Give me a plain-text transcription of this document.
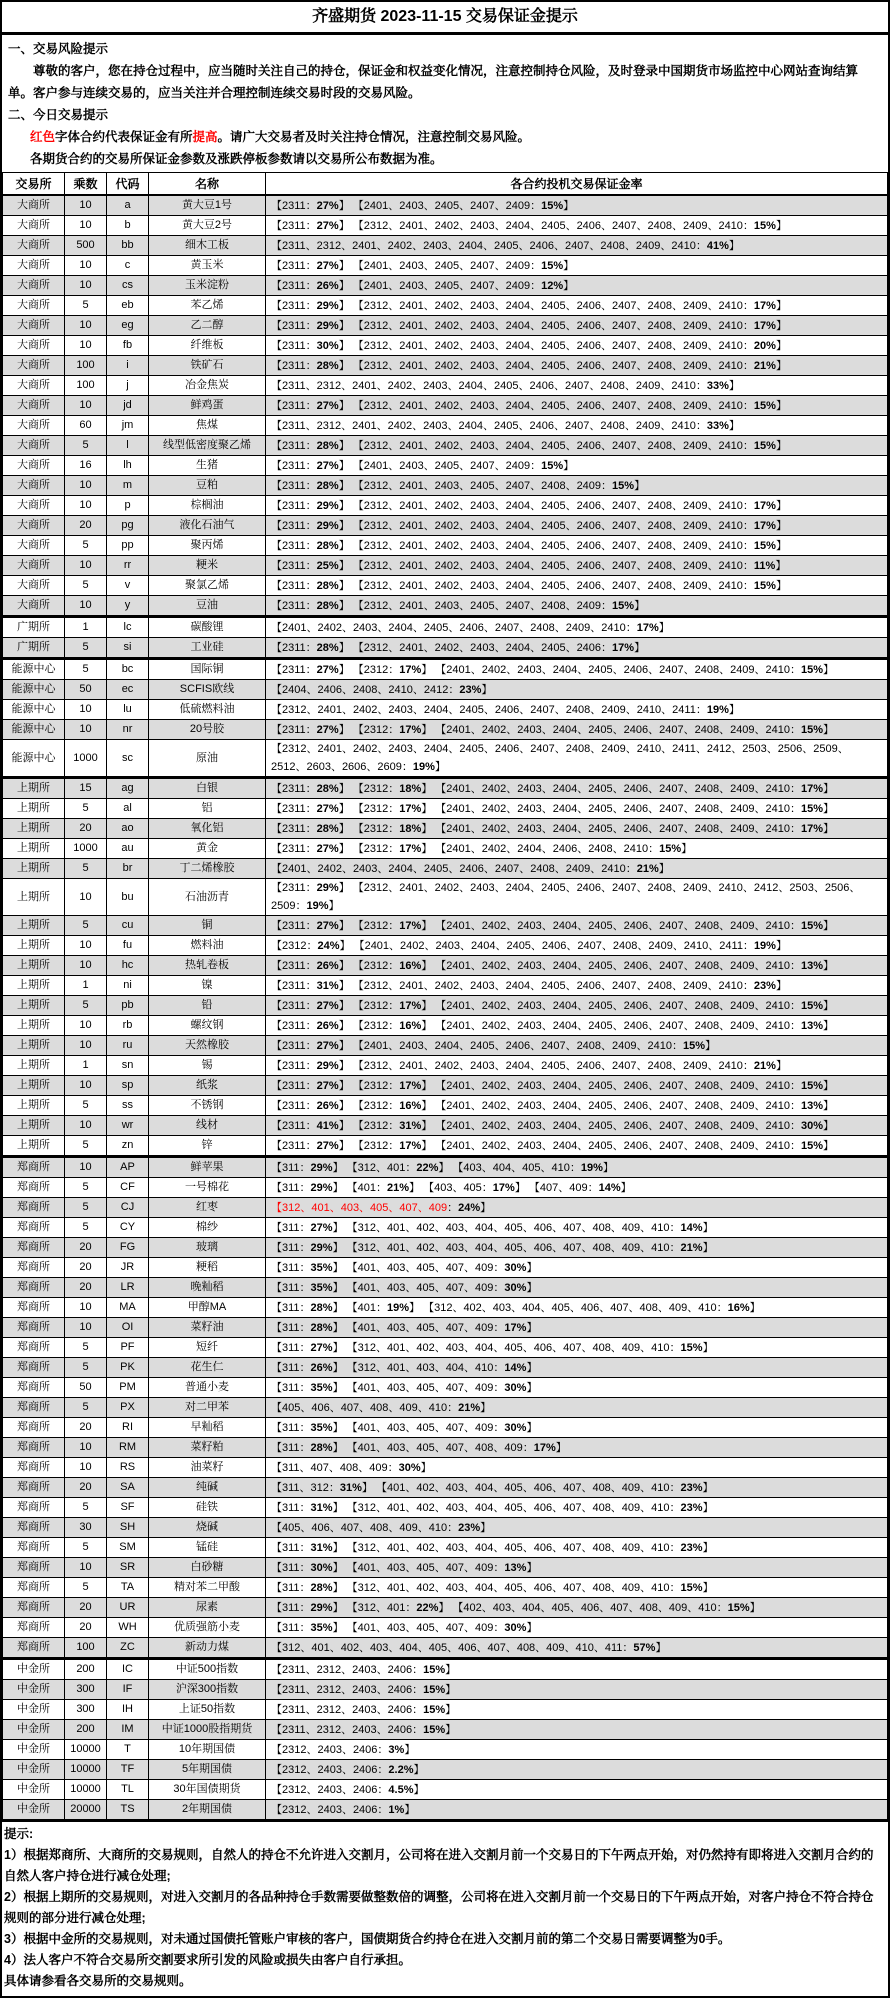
齐盛期货 2023-11-15 交易保证金提示

一、交易风险提示

尊敬的客户，您在持仓过程中，应当随时关注自己的持仓，保证金和权益变化情况，注意控制持仓风险，及时登录中国期货市场监控中心网站查询结算单。客户参与连续交易的，应当关注并合理控制连续交易时段的交易风险。

二、今日交易提示

红色字体合约代表保证金有所提高。请广大交易者及时关注持仓情况，注意控制交易风险。

各期货合约的交易所保证金参数及涨跌停板参数请以交易所公布数据为准。

交易所	乘数	代码	名称	各合约投机交易保证金率
大商所	10	a	黄大豆1号	【2311：27%】 【2401、2403、2405、2407、2409：15%】
大商所	10	b	黄大豆2号	【2311：27%】 【2312、2401、2402、2403、2404、2405、2406、2407、2408、2409、2410：15%】
大商所	500	bb	细木工板	【2311、2312、2401、2402、2403、2404、2405、2406、2407、2408、2409、2410：41%】
大商所	10	c	黄玉米	【2311：27%】 【2401、2403、2405、2407、2409：15%】
大商所	10	cs	玉米淀粉	【2311：26%】 【2401、2403、2405、2407、2409：12%】
大商所	5	eb	苯乙烯	【2311：29%】 【2312、2401、2402、2403、2404、2405、2406、2407、2408、2409、2410：17%】
大商所	10	eg	乙二醇	【2311：29%】 【2312、2401、2402、2403、2404、2405、2406、2407、2408、2409、2410：17%】
大商所	10	fb	纤维板	【2311：30%】 【2312、2401、2402、2403、2404、2405、2406、2407、2408、2409、2410：20%】
大商所	100	i	铁矿石	【2311：28%】 【2312、2401、2402、2403、2404、2405、2406、2407、2408、2409、2410：21%】
大商所	100	j	冶金焦炭	【2311、2312、2401、2402、2403、2404、2405、2406、2407、2408、2409、2410：33%】
大商所	10	jd	鲜鸡蛋	【2311：27%】 【2312、2401、2402、2403、2404、2405、2406、2407、2408、2409、2410：15%】
大商所	60	jm	焦煤	【2311、2312、2401、2402、2403、2404、2405、2406、2407、2408、2409、2410：33%】
大商所	5	l	线型低密度聚乙烯	【2311：28%】 【2312、2401、2402、2403、2404、2405、2406、2407、2408、2409、2410：15%】
大商所	16	lh	生猪	【2311：27%】 【2401、2403、2405、2407、2409：15%】
大商所	10	m	豆粕	【2311：28%】 【2312、2401、2403、2405、2407、2408、2409：15%】
大商所	10	p	棕榈油	【2311：29%】 【2312、2401、2402、2403、2404、2405、2406、2407、2408、2409、2410：17%】
大商所	20	pg	液化石油气	【2311：29%】 【2312、2401、2402、2403、2404、2405、2406、2407、2408、2409、2410：17%】
大商所	5	pp	聚丙烯	【2311：28%】 【2312、2401、2402、2403、2404、2405、2406、2407、2408、2409、2410：15%】
大商所	10	rr	粳米	【2311：25%】 【2312、2401、2402、2403、2404、2405、2406、2407、2408、2409、2410：11%】
大商所	5	v	聚氯乙烯	【2311：28%】 【2312、2401、2402、2403、2404、2405、2406、2407、2408、2409、2410：15%】
大商所	10	y	豆油	【2311：28%】 【2312、2401、2403、2405、2407、2408、2409：15%】
广期所	1	lc	碳酸锂	【2401、2402、2403、2404、2405、2406、2407、2408、2409、2410：17%】
广期所	5	si	工业硅	【2311：28%】 【2312、2401、2402、2403、2404、2405、2406：17%】
能源中心	5	bc	国际铜	【2311：27%】 【2312：17%】 【2401、2402、2403、2404、2405、2406、2407、2408、2409、2410：15%】
能源中心	50	ec	SCFIS欧线	【2404、2406、2408、2410、2412：23%】
能源中心	10	lu	低硫燃料油	【2312、2401、2402、2403、2404、2405、2406、2407、2408、2409、2410、2411：19%】
能源中心	10	nr	20号胶	【2311：27%】 【2312：17%】 【2401、2402、2403、2404、2405、2406、2407、2408、2409、2410：15%】
能源中心	1000	sc	原油	【2312、2401、2402、2403、2404、2405、2406、2407、2408、2409、2410、2411、2412、2503、2506、2509、2512、2603、2606、2609：19%】
上期所	15	ag	白银	【2311：28%】 【2312：18%】 【2401、2402、2403、2404、2405、2406、2407、2408、2409、2410：17%】
上期所	5	al	铝	【2311：27%】 【2312：17%】 【2401、2402、2403、2404、2405、2406、2407、2408、2409、2410：15%】
上期所	20	ao	氧化铝	【2311：28%】 【2312：18%】 【2401、2402、2403、2404、2405、2406、2407、2408、2409、2410：17%】
上期所	1000	au	黄金	【2311：27%】 【2312：17%】 【2401、2402、2404、2406、2408、2410：15%】
上期所	5	br	丁二烯橡胶	【2401、2402、2403、2404、2405、2406、2407、2408、2409、2410：21%】
上期所	10	bu	石油沥青	【2311：29%】 【2312、2401、2402、2403、2404、2405、2406、2407、2408、2409、2410、2412、2503、2506、2509：19%】
上期所	5	cu	铜	【2311：27%】 【2312：17%】 【2401、2402、2403、2404、2405、2406、2407、2408、2409、2410：15%】
上期所	10	fu	燃料油	【2312：24%】 【2401、2402、2403、2404、2405、2406、2407、2408、2409、2410、2411：19%】
上期所	10	hc	热轧卷板	【2311：26%】 【2312：16%】 【2401、2402、2403、2404、2405、2406、2407、2408、2409、2410：13%】
上期所	1	ni	镍	【2311：31%】 【2312、2401、2402、2403、2404、2405、2406、2407、2408、2409、2410：23%】
上期所	5	pb	铅	【2311：27%】 【2312：17%】 【2401、2402、2403、2404、2405、2406、2407、2408、2409、2410：15%】
上期所	10	rb	螺纹钢	【2311：26%】 【2312：16%】 【2401、2402、2403、2404、2405、2406、2407、2408、2409、2410：13%】
上期所	10	ru	天然橡胶	【2311：27%】 【2401、2403、2404、2405、2406、2407、2408、2409、2410：15%】
上期所	1	sn	锡	【2311：29%】 【2312、2401、2402、2403、2404、2405、2406、2407、2408、2409、2410：21%】
上期所	10	sp	纸浆	【2311：27%】 【2312：17%】 【2401、2402、2403、2404、2405、2406、2407、2408、2409、2410：15%】
上期所	5	ss	不锈钢	【2311：26%】 【2312：16%】 【2401、2402、2403、2404、2405、2406、2407、2408、2409、2410：13%】
上期所	10	wr	线材	【2311：41%】 【2312：31%】 【2401、2402、2403、2404、2405、2406、2407、2408、2409、2410：30%】
上期所	5	zn	锌	【2311：27%】 【2312：17%】 【2401、2402、2403、2404、2405、2406、2407、2408、2409、2410：15%】
郑商所	10	AP	鲜苹果	【311：29%】 【312、401：22%】 【403、404、405、410：19%】
郑商所	5	CF	一号棉花	【311：29%】 【401：21%】 【403、405：17%】 【407、409：14%】
郑商所	5	CJ	红枣	【312、401、403、405、407、409：24%】
郑商所	5	CY	棉纱	【311：27%】 【312、401、402、403、404、405、406、407、408、409、410：14%】
郑商所	20	FG	玻璃	【311：29%】 【312、401、402、403、404、405、406、407、408、409、410：21%】
郑商所	20	JR	粳稻	【311：35%】 【401、403、405、407、409：30%】
郑商所	20	LR	晚籼稻	【311：35%】 【401、403、405、407、409：30%】
郑商所	10	MA	甲醇MA	【311：28%】 【401：19%】 【312、402、403、404、405、406、407、408、409、410：16%】
郑商所	10	OI	菜籽油	【311：28%】 【401、403、405、407、409：17%】
郑商所	5	PF	短纤	【311：27%】 【312、401、402、403、404、405、406、407、408、409、410：15%】
郑商所	5	PK	花生仁	【311：26%】 【312、401、403、404、410：14%】
郑商所	50	PM	普通小麦	【311：35%】 【401、403、405、407、409：30%】
郑商所	5	PX	对二甲苯	【405、406、407、408、409、410：21%】
郑商所	20	RI	早籼稻	【311：35%】 【401、403、405、407、409：30%】
郑商所	10	RM	菜籽粕	【311：28%】 【401、403、405、407、408、409：17%】
郑商所	10	RS	油菜籽	【311、407、408、409：30%】
郑商所	20	SA	纯碱	【311、312：31%】 【401、402、403、404、405、406、407、408、409、410：23%】
郑商所	5	SF	硅铁	【311：31%】 【312、401、402、403、404、405、406、407、408、409、410：23%】
郑商所	30	SH	烧碱	【405、406、407、408、409、410：23%】
郑商所	5	SM	锰硅	【311：31%】 【312、401、402、403、404、405、406、407、408、409、410：23%】
郑商所	10	SR	白砂糖	【311：30%】 【401、403、405、407、409：13%】
郑商所	5	TA	精对苯二甲酸	【311：28%】 【312、401、402、403、404、405、406、407、408、409、410：15%】
郑商所	20	UR	尿素	【311：29%】 【312、401：22%】 【402、403、404、405、406、407、408、409、410：15%】
郑商所	20	WH	优质强筋小麦	【311：35%】 【401、403、405、407、409：30%】
郑商所	100	ZC	新动力煤	【312、401、402、403、404、405、406、407、408、409、410、411：57%】
中金所	200	IC	中证500指数	【2311、2312、2403、2406：15%】
中金所	300	IF	沪深300指数	【2311、2312、2403、2406：15%】
中金所	300	IH	上证50指数	【2311、2312、2403、2406：15%】
中金所	200	IM	中证1000股指期货	【2311、2312、2403、2406：15%】
中金所	10000	T	10年期国债	【2312、2403、2406：3%】
中金所	10000	TF	5年期国债	【2312、2403、2406：2.2%】
中金所	10000	TL	30年国债期货	【2312、2403、2406：4.5%】
中金所	20000	TS	2年期国债	【2312、2403、2406：1%】

提示:

1）根据郑商所、大商所的交易规则，自然人的持仓不允许进入交割月，公司将在进入交割月前一个交易日的下午两点开始，对仍然持有即将进入交割月合约的自然人客户持仓进行减仓处理;

2）根据上期所的交易规则，对进入交割月的各品种持仓手数需要做整数倍的调整，公司将在进入交割月前一个交易日的下午两点开始，对客户持仓不符合持仓规则的部分进行减仓处理;

3）根据中金所的交易规则，对未通过国债托管账户审核的客户，国债期货合约持仓在进入交割月前的第二个交易日需要调整为0手。

4）法人客户不符合交易所交割要求所引发的风险或损失由客户自行承担。

具体请参看各交易所的交易规则。
